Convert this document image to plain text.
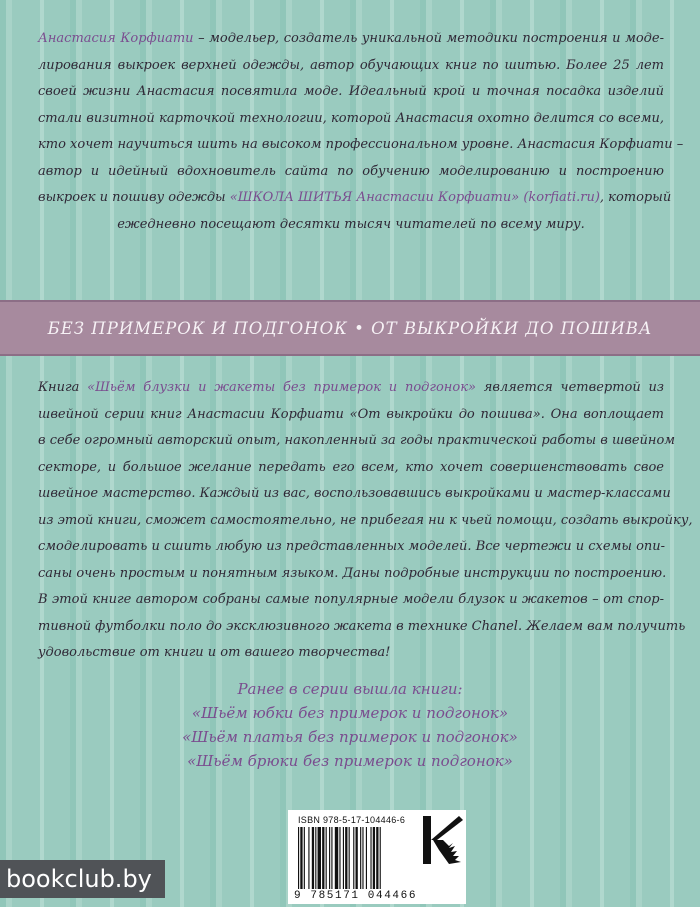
Анастасия Корфиати – модельер, создатель уникальной методики построения и моде-
лирования выкроек верхней одежды, автор обучающих книг по шитью. Более 25 лет
своей жизни Анастасия посвятила моде. Идеальный крой и точная посадка изделий
стали визитной карточкой технологии, которой Анастасия охотно делится со всеми,
кто хочет научиться шить на высоком профессиональном уровне. Анастасия Корфиати –
автор и идейный вдохновитель сайта по обучению моделированию и построению
выкроек и пошиву одежды «ШКОЛА ШИТЬЯ Анастасии Корфиати» (korfiati.ru), который
ежедневно посещают десятки тысяч читателей по всему миру.
БЕЗ ПРИМЕРОК И ПОДГОНОК • ОТ ВЫКРОЙКИ ДО ПОШИВА
Книга «Шьём блузки и жакеты без примерок и подгонок» является четвертой из
швейной серии книг Анастасии Корфиати «От выкройки до пошива». Она воплощает
в себе огромный авторский опыт, накопленный за годы практической работы в швейном
секторе, и большое желание передать его всем, кто хочет совершенствовать свое
швейное мастерство. Каждый из вас, воспользовавшись выкройками и мастер-классами
из этой книги, сможет самостоятельно, не прибегая ни к чьей помощи, создать выкройку,
смоделировать и сшить любую из представленных моделей. Все чертежи и схемы опи-
саны очень простым и понятным языком. Даны подробные инструкции по построению.
В этой книге автором собраны самые популярные модели блузок и жакетов – от спор-
тивной футболки поло до эксклюзивного жакета в технике Chanel. Желаем вам получить
удовольствие от книги и от вашего творчества!
Ранее в серии вышла книги:
«Шьём юбки без примерок и подгонок»
«Шьём платья без примерок и подгонок»
«Шьём брюки без примерок и подгонок»
ISBN 978-5-17-104446-6
9 785171 044466
bookclub.by
